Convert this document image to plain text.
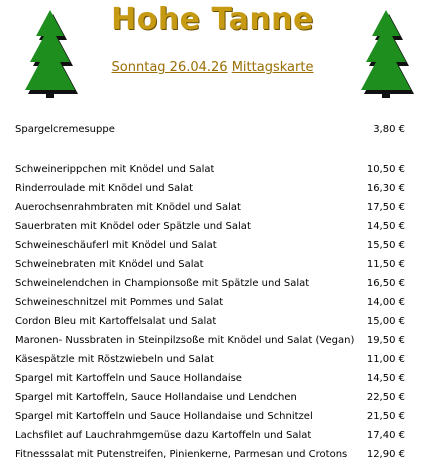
Hohe Tanne
Sonntag 26.04.26 Mittagskarte
Spargelcremesuppe	3,80 €
Schweinerippchen mit Knödel und Salat	10,50 €
Rinderroulade mit Knödel und Salat	16,30 €
Auerochsenrahmbraten mit Knödel und Salat	17,50 €
Sauerbraten mit Knödel oder Spätzle und Salat	14,50 €
Schweineschäuferl mit Knödel und Salat	15,50 €
Schweinebraten mit Knödel und Salat	11,50 €
Schweinelendchen in Championsoße mit Spätzle und Salat	16,50 €
Schweineschnitzel mit Pommes und Salat	14,00 €
Cordon Bleu mit Kartoffelsalat und Salat	15,00 €
Maronen- Nussbraten in Steinpilzsoße mit Knödel und Salat (Vegan)	19,50 €
Käsespätzle mit Röstzwiebeln und Salat	11,00 €
Spargel mit Kartoffeln und Sauce Hollandaise	14,50 €
Spargel mit Kartoffeln, Sauce Hollandaise und Lendchen	22,50 €
Spargel mit Kartoffeln und Sauce Hollandaise und Schnitzel	21,50 €
Lachsfilet auf Lauchrahmgemüse dazu Kartoffeln und Salat	17,40 €
Fitnesssalat mit Putenstreifen, Pinienkerne, Parmesan und Crotons	12,90 €
